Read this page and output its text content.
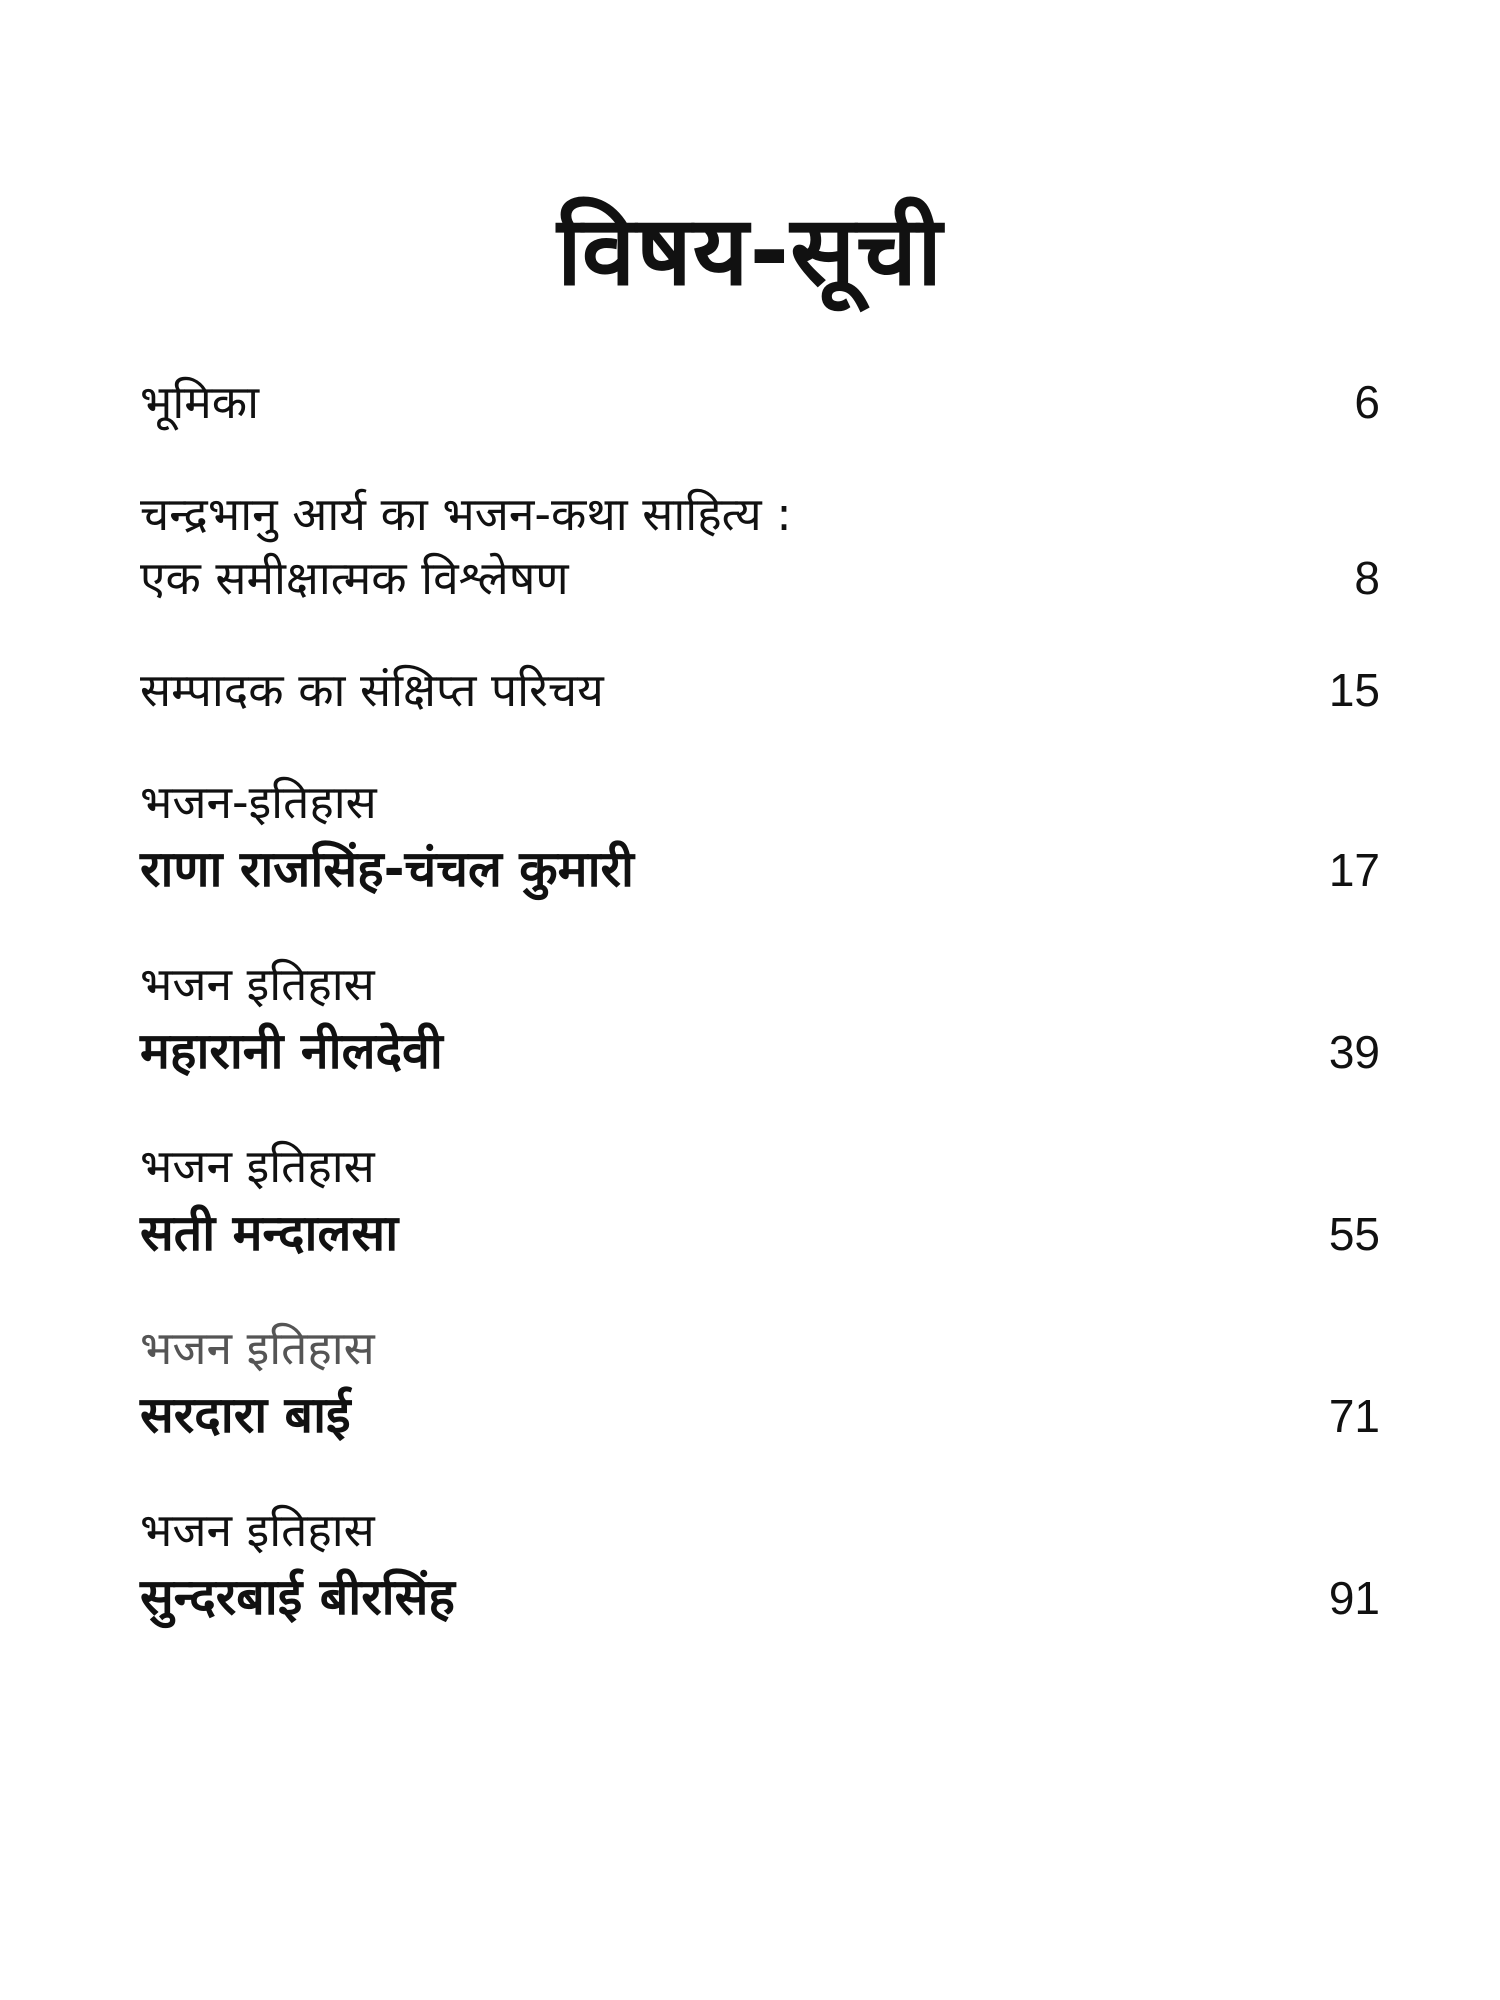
विषय-सूची
भूमिका	6
चन्द्रभानु आर्य का भजन-कथा साहित्य :
एक समीक्षात्मक विश्लेषण	8
सम्पादक का संक्षिप्त परिचय	15
भजन-इतिहास
राणा राजसिंह-चंचल कुमारी	17
भजन इतिहास
महारानी नीलदेवी	39
भजन इतिहास
सती मन्दालसा	55
भजन इतिहास
सरदारा बाई	71
भजन इतिहास
सुन्दरबाई बीरसिंह	91
